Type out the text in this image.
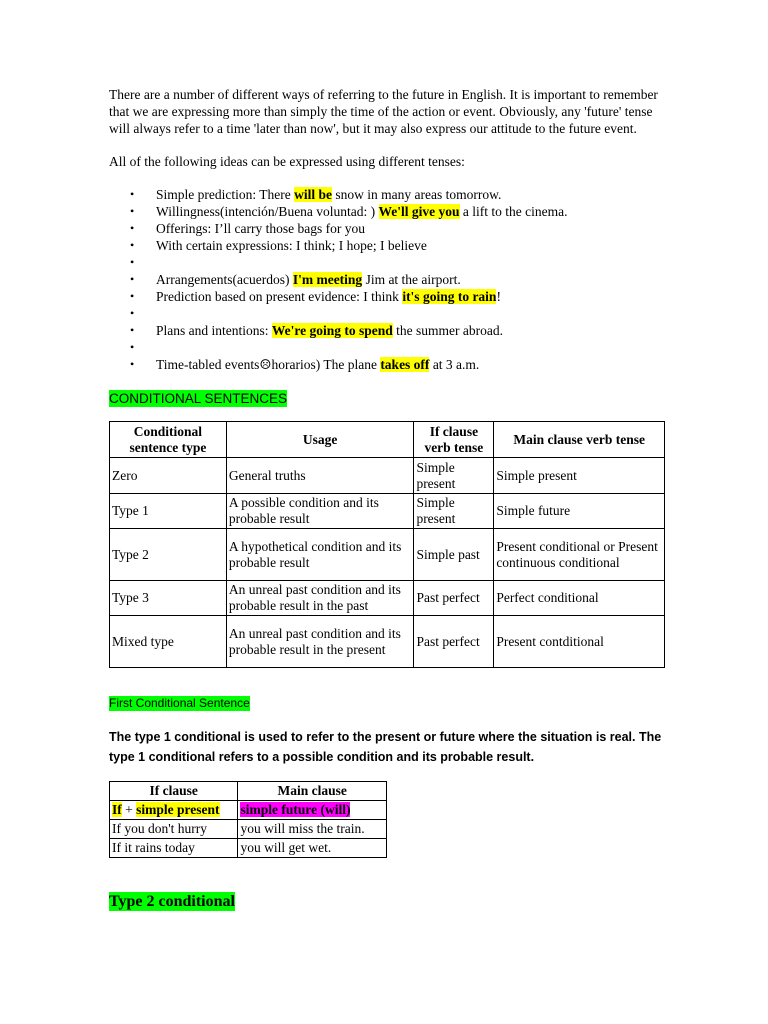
There are a number of different ways of referring to the future in English. It is important to remember that we are expressing more than simply the time of the action or event. Obviously, any 'future' tense will always refer to a time 'later than now', but it may also express our attitude to the future event.

All of the following ideas can be expressed using different tenses:

• Simple prediction: There will be snow in many areas tomorrow.
• Willingness(intención/Buena voluntad: ) We'll give you a lift to the cinema.
• Offerings: I’ll carry those bags for you
• With certain expressions: I think; I hope; I believe
•
• Arrangements(acuerdos) I'm meeting Jim at the airport.
• Prediction based on present evidence: I think it's going to rain!
•
• Plans and intentions: We're going to spend the summer abroad.
•
• Time-tabled events☹horarios) The plane takes off at 3 a.m.
CONDITIONAL SENTENCES
Conditional sentence type	Usage	If clause verb tense	Main clause verb tense
Zero	General truths	Simple present	Simple present
Type 1	A possible condition and its probable result	Simple present	Simple future
Type 2	A hypothetical condition and its probable result	Simple past	Present conditional or Present continuous conditional
Type 3	An unreal past condition and its probable result in the past	Past perfect	Perfect conditional
Mixed type	An unreal past condition and its probable result in the present	Past perfect	Present contditional
First Conditional Sentence

The type 1 conditional is used to refer to the present or future where the situation is real. The type 1 conditional refers to a possible condition and its probable result.

If clause	Main clause
If + simple present	simple future (will)
If you don't hurry	you will miss the train.
If it rains today	you will get wet.
Type 2 conditional
